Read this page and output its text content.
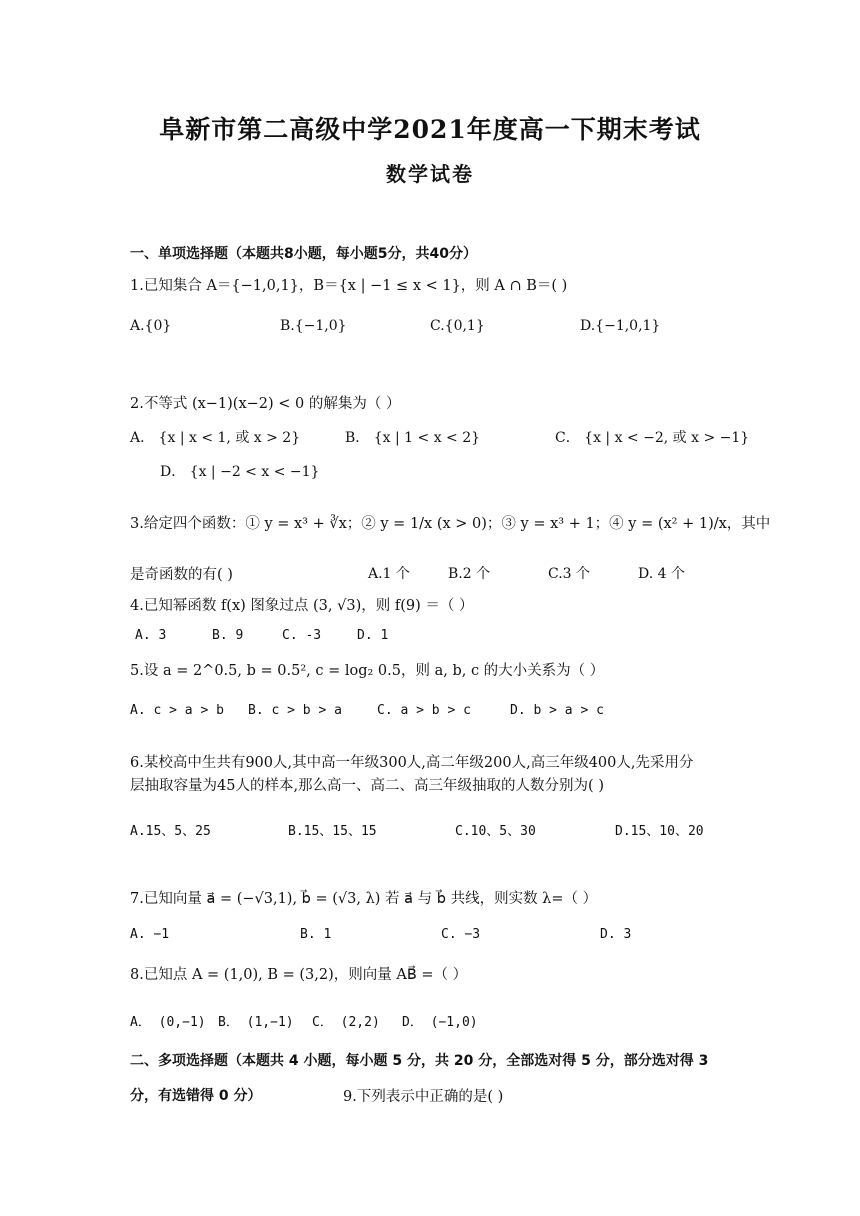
阜新市第二高级中学2021年度高一下期末考试
数学试卷
一、单项选择题（本题共8小题，每小题5分，共40分）
1.已知集合 A＝{−1,0,1}，B＝{x | −1 ≤ x < 1}，则 A ∩ B＝( )
A.{0}	B.{−1,0}	C.{0,1}	D.{−1,0,1}
2.不等式 (x−1)(x−2) < 0 的解集为（ ）
A． {x | x < 1, 或 x > 2}	B． {x | 1 < x < 2}	C． {x | x < −2, 或 x > −1}
D． {x | −2 < x < −1}
3.给定四个函数：① y = x³ + ∛x；② y = 1/x (x > 0)；③ y = x³ + 1；④ y = (x² + 1)/x，其中
是奇函数的有( )	A.1 个	B.2 个	C.3 个	D. 4 个
4.已知幂函数 f(x) 图象过点 (3, √3)，则 f(9) ＝（ ）
A. 3	B. 9	C. -3	D. 1
5.设 a = 2^0.5, b = 0.5², c = log₂ 0.5，则 a, b, c 的大小关系为（ ）
A. c > a > b B. c > b > a	C. a > b > c	D. b > a > c
6.某校高中生共有900人,其中高一年级300人,高二年级200人,高三年级400人,先采用分
层抽取容量为45人的样本,那么高一、高二、高三年级抽取的人数分别为( )
A.15、5、25	B.15、15、15	C.10、5、30	D.15、10、20
7.已知向量 a⃗ = (−√3,1), b⃗ = (√3, λ) 若 a⃗ 与 b⃗ 共线，则实数 λ=（ ）
A. −1	B. 1	C. −3	D. 3
8.已知点 A = (1,0), B = (3,2)，则向量 AB⃗ =（ ）
A． (0,−1) B． (1,−1) C． (2,2) D． (−1,0)
二、多项选择题（本题共 4 小题，每小题 5 分，共 20 分，全部选对得 5 分，部分选对得 3
分，有选错得 0 分）	9.下列表示中正确的是( )
